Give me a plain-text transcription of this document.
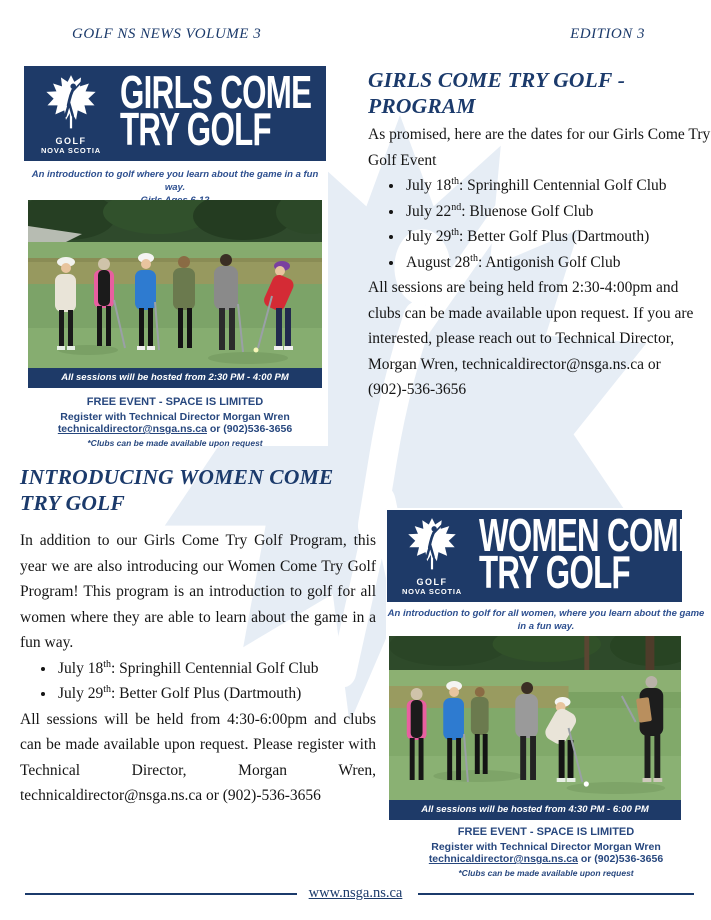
GOLF NS NEWS VOLUME 3	EDITION 3
GOLF
NOVA SCOTIA
GIRLS COME
TRY GOLF
An introduction to golf where you learn about the game in a fun way.
All sessions will be hosted from 2:30 PM - 4:00 PM
FREE EVENT - SPACE IS LIMITED
Register with Technical Director Morgan Wren
technicaldirector@nsga.ns.ca or (902)536-3656
*Clubs can be made available upon request
GIRLS COME TRY GOLF -
PROGRAM
As promised, here are the dates for our Girls Come Try Golf Event
• July 18th: Springhill Centennial Golf Club
• July 22nd: Bluenose Golf Club
• July 29th: Better Golf Plus (Dartmouth)
• August 28th: Antigonish Golf Club
All sessions are being held from 2:30-4:00pm and clubs can be made available upon request. If you are interested, please reach out to Technical Director, Morgan Wren, technicaldirector@nsga.ns.ca or (902)-536-3656
INTRODUCING WOMEN COME
TRY GOLF
In addition to our Girls Come Try Golf Program, this year we are also introducing our Women Come Try Golf Program! This program is an introduction to golf for all women where they are able to learn about the game in a fun way.
• July 18th: Springhill Centennial Golf Club
• July 29th: Better Golf Plus (Dartmouth)
All sessions will be held from 4:30-6:00pm and clubs can be made available upon request. Please register with Technical Director, Morgan Wren, technicaldirector@nsga.ns.ca or (902)-536-3656
GOLF
NOVA SCOTIA
WOMEN COME
TRY GOLF
An introduction to golf for all women, where you learn about the game
in a fun way.
All sessions will be hosted from 4:30 PM - 6:00 PM
FREE EVENT - SPACE IS LIMITED
Register with Technical Director Morgan Wren
technicaldirector@nsga.ns.ca or (902)536-3656
*Clubs can be made available upon request
www.nsga.ns.ca
